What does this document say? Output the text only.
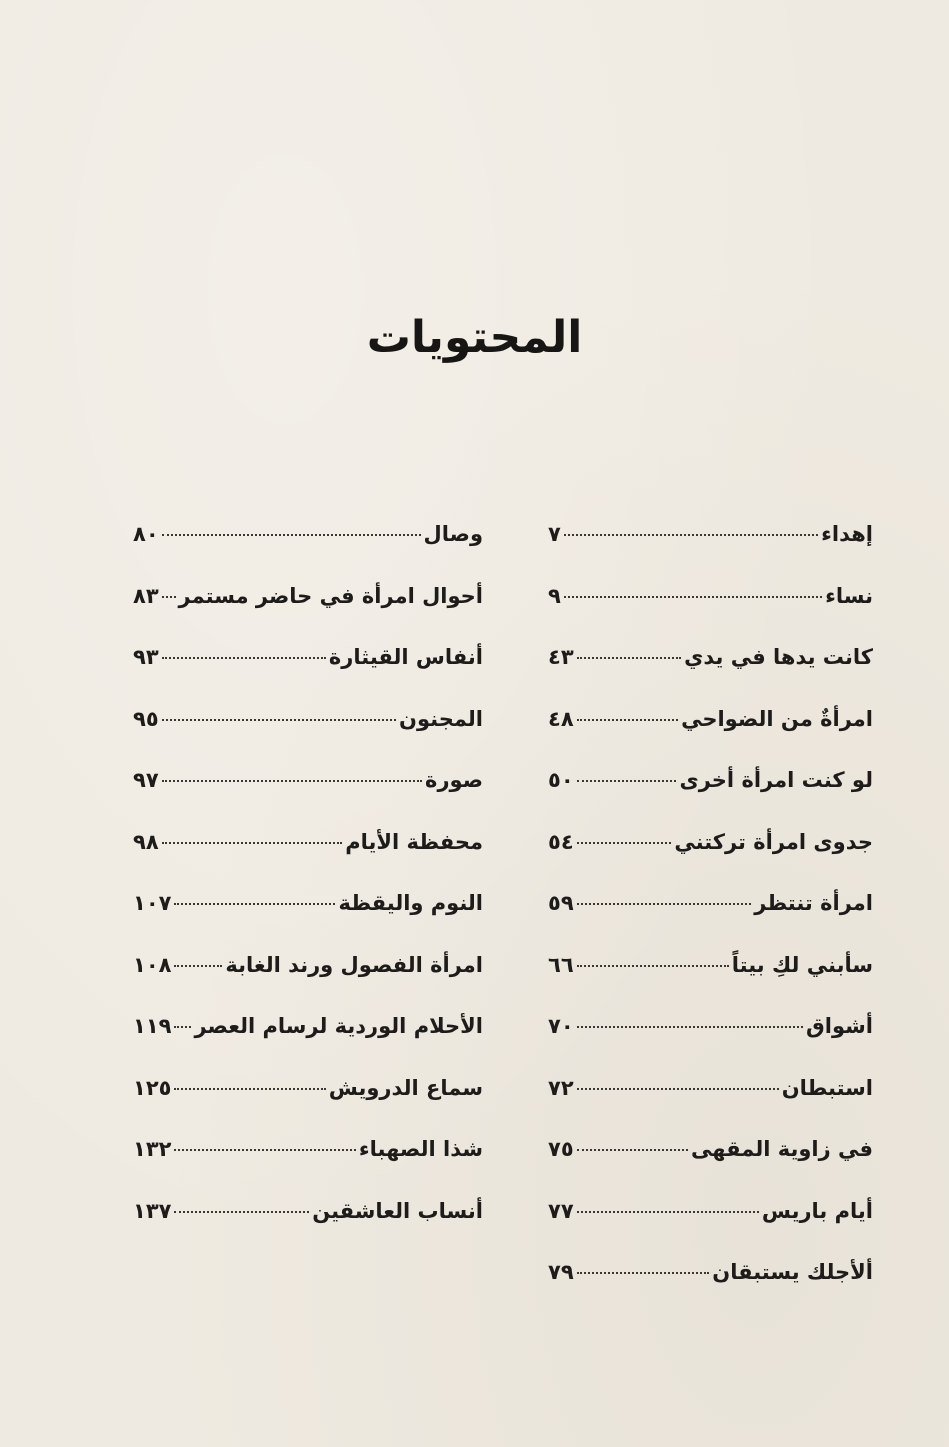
المحتويات
إهداء
٧
نساء
٩
كانت يدها في يدي
٤٣
امرأةٌ من الضواحي
٤٨
لو كنت امرأة أخرى
٥٠
جدوى امرأة تركتني
٥٤
امرأة تنتظر
٥٩
سأبني لكِ بيتاً
٦٦
أشواق
٧٠
استبطان
٧٢
في زاوية المقهى
٧٥
أيام باريس
٧٧
ألأجلك يستبقان
٧٩
وصال
٨٠
أحوال امرأة في حاضر مستمر
٨٣
أنفاس القيثارة
٩٣
المجنون
٩٥
صورة
٩٧
محفظة الأيام
٩٨
النوم واليقظة
١٠٧
امرأة الفصول ورند الغابة
١٠٨
الأحلام الوردية لرسام العصر
١١٩
سماع الدرويش
١٢٥
شذا الصهباء
١٣٢
أنساب العاشقين
١٣٧
